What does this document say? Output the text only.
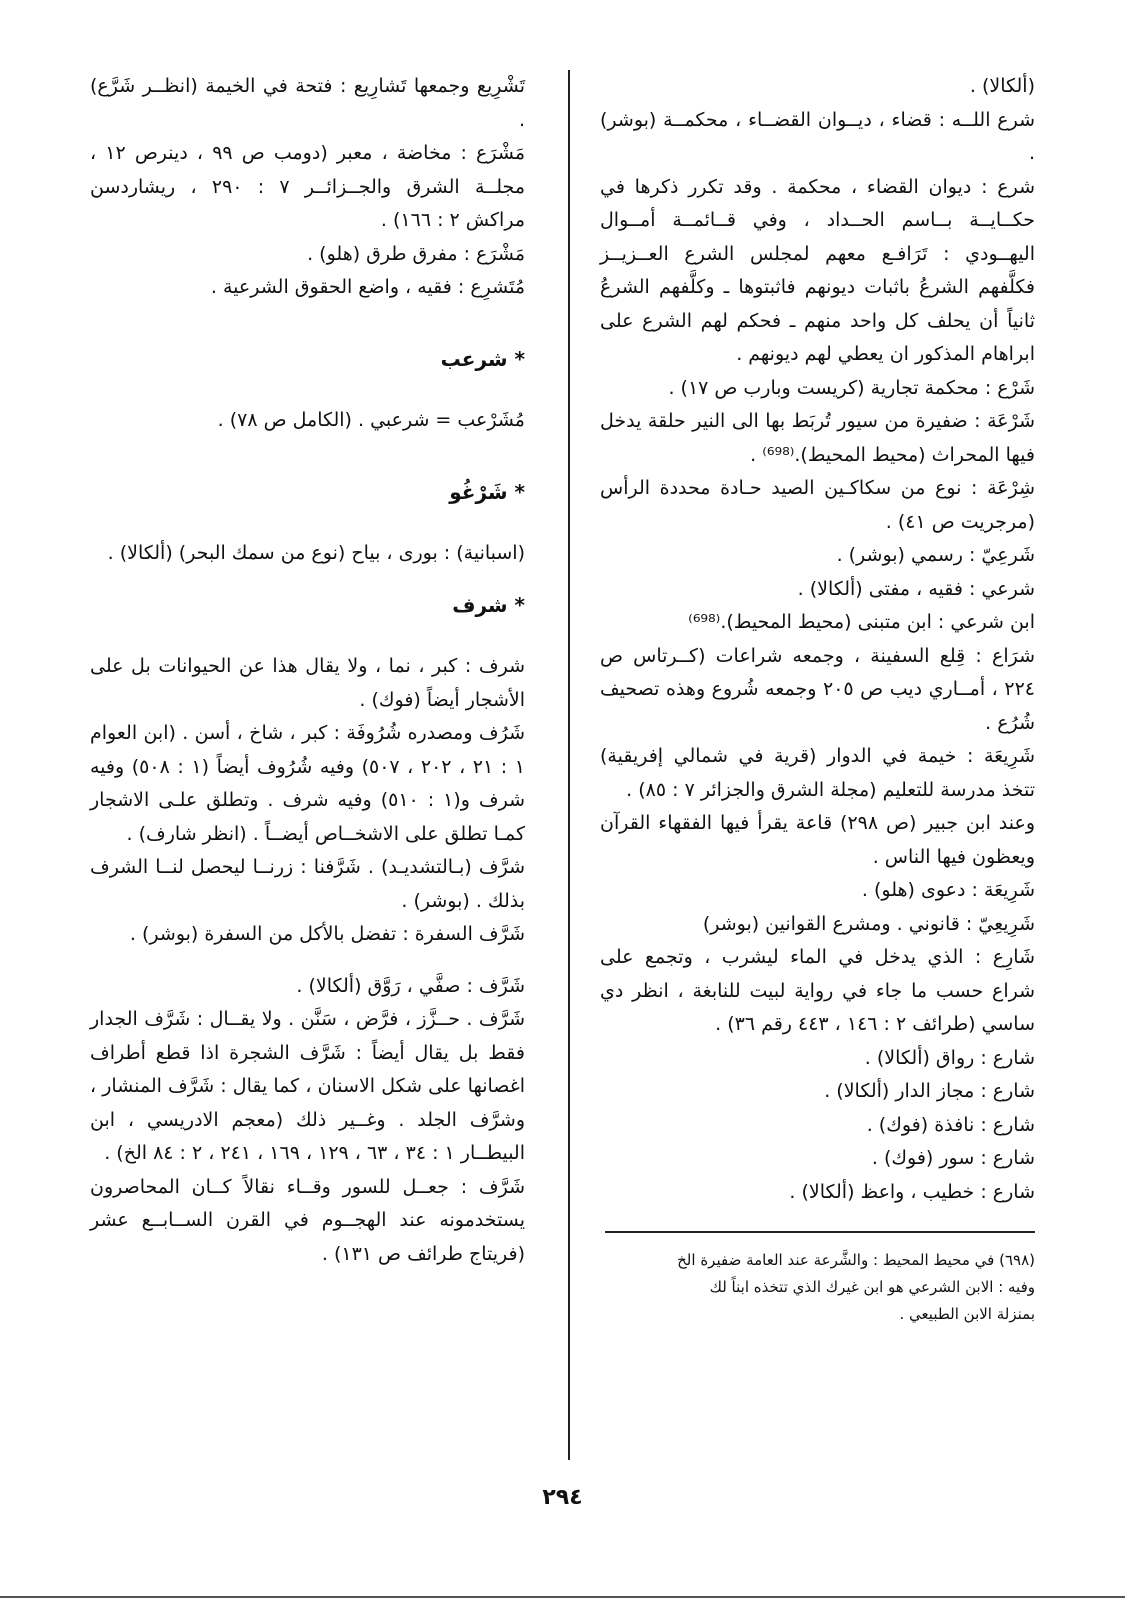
(ألكالا) .

شرع اللــه : قضاء ، ديــوان القضــاء ، محكمــة (بوشر) .

شرع : ديوان القضاء ، محكمة . وقد تكرر ذكرها في حكــايــة بــاسم الحــداد ، وفي قــائمــة أمــوال اليهــودي : تَرَافـع معهم لمجلس الشرع العــزيــز فكلَّفهم الشرعُ باثبات ديونهم فاثبتوها ـ وكلَّفهم الشرعُ ثانياً أن يحلف كل واحد منهم ـ فحكم لهم الشرع على ابراهام المذكور ان يعطي لهم ديونهم .

شَرْع : محكمة تجارية (كريست وبارب ص ١٧) .

شَرْعَة : ضفيرة من سيور تُربَط بها الى النير حلقة يدخل فيها المحراث (محيط المحيط).⁽⁶⁹⁸⁾ .

شِرْعَة : نوع من سكاكـين الصيد حـادة محددة الرأس (مرجريت ص ٤١) .

شَرعِيّ : رسمي (بوشر) .

شرعي : فقيه ، مفتى (ألكالا) .

ابن شرعي : ابن متبنى (محيط المحيط).⁽⁶⁹⁸⁾

شرَاع : قِلع السفينة ، وجمعه شراعات (كــرتاس ص ٢٢٤ ، أمــاري ديب ص ٢٠٥ وجمعه شُروع وهذه تصحيف شُرُع .

شَرِيعَة : خيمة في الدوار (قرية في شمالي إفريقية) تتخذ مدرسة للتعليم (مجلة الشرق والجزائر ٧ : ٨٥) .

وعند ابن جبير (ص ٢٩٨) قاعة يقرأ فيها الفقهاء القرآن ويعظون فيها الناس .

شَرِيعَة : دعوى (هلو) .

شَرِيعِيّ : قانوني . ومشرع القوانين (بوشر)

شَارِع : الذي يدخل في الماء ليشرب ، وتجمع على شراع حسب ما جاء في رواية لبيت للنابغة ، انظر دي ساسي (طرائف ٢ : ١٤٦ ، ٤٤٣ رقم ٣٦) .

شارع : رواق (ألكالا) .

شارع : مجاز الدار (ألكالا) .

شارع : نافذة (فوك) .

شارع : سور (فوك) .

شارع : خطيب ، واعظ (ألكالا) .

(٦٩٨) في محيط المحيط : والشَّرعة عند العامة ضفيرة الخ

وفيه : الابن الشرعي هو ابن غيرك الذي تتخذه ابناً لك

بمنزلة الابن الطبيعي .

تَشْرِيع وجمعها تَشارِيع : فتحة في الخيمة (انظــر شَرَّع) .

مَشْرَع : مخاضة ، معبر (دومب ص ٩٩ ، دينرص ١٢ ، مجلــة الشرق والجــزائــر ٧ : ٢٩٠ ، ريشاردسن مراكش ٢ : ١٦٦) .

مَشْرَع : مفرق طرق (هلو) .

مُتَشرِع : فقيه ، واضع الحقوق الشرعية .

* شرعب

مُشَرْعب = شرعبي . (الكامل ص ٧٨) .

* شَرْغُو

(اسبانية) : بورى ، بياح (نوع من سمك البحر) (ألكالا) .

* شرف

شرف : كبر ، نما ، ولا يقال هذا عن الحيوانات بل على الأشجار أيضاً (فوك) .

شَرُف ومصدره شُرُوفَة : كبر ، شاخ ، أسن . (ابن العوام ١ : ٢١ ، ٢٠٢ ، ٥٠٧) وفيه شُرُوف أيضاً (١ : ٥٠٨) وفيه شرف و(١ : ٥١٠) وفيه شرف . وتطلق علـى الاشجار كمـا تطلق على الاشخــاص أيضــاً . (انظر شارف) .

شرَّف (بـالتشديـد) . شَرَّفنا : زرنــا ليحصل لنــا الشرف بذلك . (بوشر) .

شَرَّف السفرة : تفضل بالأكل من السفرة (بوشر) .

شَرَّف : صفَّي ، رَوَّق (ألكالا) .

شَرَّف . حــزَّز ، فرَّض ، سَنَّن . ولا يقــال : شَرَّف الجدار فقط بل يقال أيضاً : شَرَّف الشجرة اذا قطع أطراف اغصانها على شكل الاسنان ، كما يقال : شَرَّف المنشار ، وشرَّف الجلد . وغــير ذلك (معجم الادريسي ، ابن البيطــار ١ : ٣٤ ، ٦٣ ، ١٢٩ ، ١٦٩ ، ٢٤١ ، ٢ : ٨٤ الخ) .

شَرَّف : جعــل للسور وقــاء نقالاً كــان المحاصرون يستخدمونه عند الهجــوم في القرن الســابــع عشر (فريتاج طرائف ص ١٣١) .

٢٩٤
